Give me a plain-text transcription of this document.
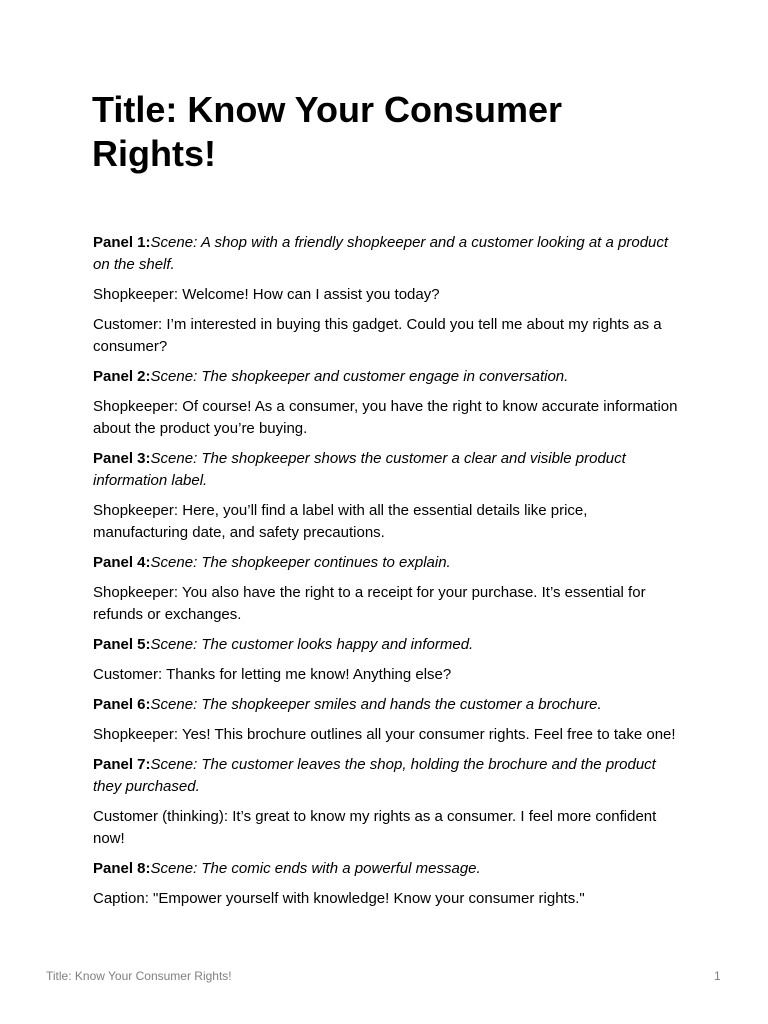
Title: Know Your Consumer Rights!

Panel 1:Scene: A shop with a friendly shopkeeper and a customer looking at a product on the shelf.

Shopkeeper: Welcome! How can I assist you today?

Customer: I’m interested in buying this gadget. Could you tell me about my rights as a consumer?

Panel 2:Scene: The shopkeeper and customer engage in conversation.

Shopkeeper: Of course! As a consumer, you have the right to know accurate information about the product you’re buying.

Panel 3:Scene: The shopkeeper shows the customer a clear and visible product information label.

Shopkeeper: Here, you’ll find a label with all the essential details like price, manufacturing date, and safety precautions.

Panel 4:Scene: The shopkeeper continues to explain.

Shopkeeper: You also have the right to a receipt for your purchase. It’s essential for refunds or exchanges.

Panel 5:Scene: The customer looks happy and informed.

Customer: Thanks for letting me know! Anything else?

Panel 6:Scene: The shopkeeper smiles and hands the customer a brochure.

Shopkeeper: Yes! This brochure outlines all your consumer rights. Feel free to take one!

Panel 7:Scene: The customer leaves the shop, holding the brochure and the product they purchased.

Customer (thinking): It’s great to know my rights as a consumer. I feel more confident now!

Panel 8:Scene: The comic ends with a powerful message.

Caption: "Empower yourself with knowledge! Know your consumer rights."

Title: Know Your Consumer Rights!	1
